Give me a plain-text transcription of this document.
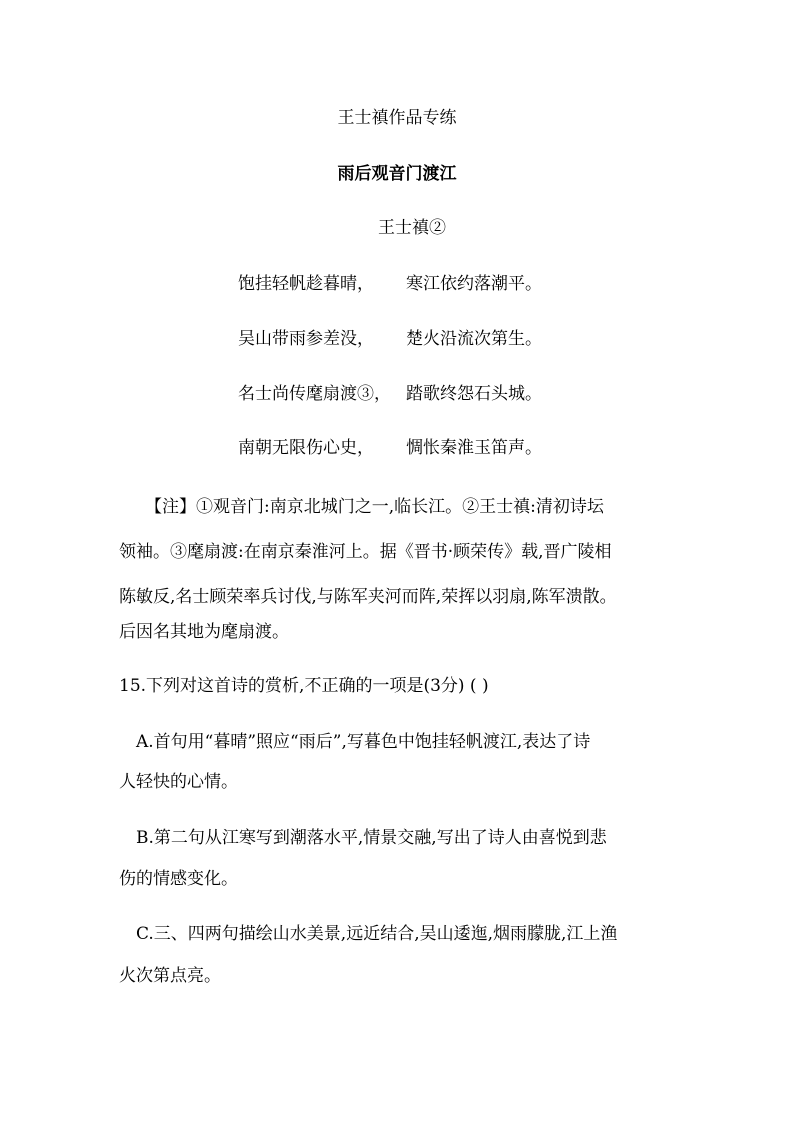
王士禛作品专练
雨后观音门渡江
王士禛②
饱挂轻帆趁暮晴， 寒江依约落潮平。
吴山带雨参差没， 楚火沿流次第生。
名士尚传麾扇渡③， 踏歌终怨石头城。
南朝无限伤心史， 惆怅秦淮玉笛声。
【注】①观音门:南京北城门之一,临长江。②王士禛:清初诗坛
领袖。③麾扇渡:在南京秦淮河上。据《晋书·顾荣传》载,晋广陵相
陈敏反,名士顾荣率兵讨伐,与陈军夹河而阵,荣挥以羽扇,陈军溃散。
后因名其地为麾扇渡。
15.下列对这首诗的赏析,不正确的一项是(3分) ( )
A.首句用“暮晴”照应“雨后”,写暮色中饱挂轻帆渡江,表达了诗
人轻快的心情。
B.第二句从江寒写到潮落水平,情景交融,写出了诗人由喜悦到悲
伤的情感变化。
C.三、四两句描绘山水美景,远近结合,吴山逶迤,烟雨朦胧,江上渔
火次第点亮。
